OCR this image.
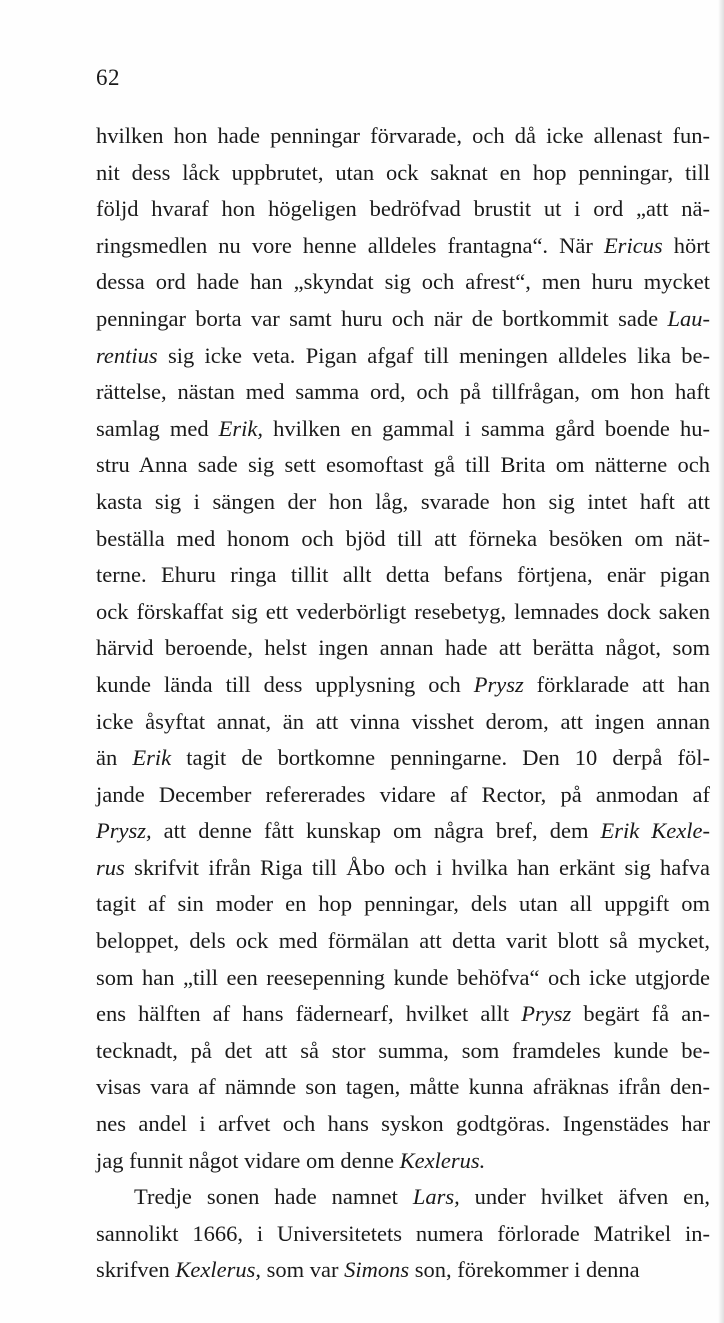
62
hvilken hon hade penningar förvarade, och då icke allenast fun-
nit dess låck uppbrutet, utan ock saknat en hop penningar, till
följd hvaraf hon högeligen bedröfvad brustit ut i ord „att nä-
ringsmedlen nu vore henne alldeles frantagna“. När Ericus hört
dessa ord hade han „skyndat sig och afrest“, men huru mycket
penningar borta var samt huru och när de bortkommit sade Lau-
rentius sig icke veta. Pigan afgaf till meningen alldeles lika be-
rättelse, nästan med samma ord, och på tillfrågan, om hon haft
samlag med Erik, hvilken en gammal i samma gård boende hu-
stru Anna sade sig sett esomoftast gå till Brita om nätterne och
kasta sig i sängen der hon låg, svarade hon sig intet haft att
beställa med honom och bjöd till att förneka besöken om nät-
terne. Ehuru ringa tillit allt detta befans förtjena, enär pigan
ock förskaffat sig ett vederbörligt resebetyg, lemnades dock saken
härvid beroende, helst ingen annan hade att berätta något, som
kunde lända till dess upplysning och Prysz förklarade att han
icke åsyftat annat, än att vinna visshet derom, att ingen annan
än Erik tagit de bortkomne penningarne. Den 10 derpå föl-
jande December refererades vidare af Rector, på anmodan af
Prysz, att denne fått kunskap om några bref, dem Erik Kexle-
rus skrifvit ifrån Riga till Åbo och i hvilka han erkänt sig hafva
tagit af sin moder en hop penningar, dels utan all uppgift om
beloppet, dels ock med förmälan att detta varit blott så mycket,
som han „till een reesepenning kunde behöfva“ och icke utgjorde
ens hälften af hans fädernearf, hvilket allt Prysz begärt få an-
tecknadt, på det att så stor summa, som framdeles kunde be-
visas vara af nämnde son tagen, måtte kunna afräknas ifrån den-
nes andel i arfvet och hans syskon godtgöras. Ingenstädes har
jag funnit något vidare om denne Kexlerus.
Tredje sonen hade namnet Lars, under hvilket äfven en,
sannolikt 1666, i Universitetets numera förlorade Matrikel in-
skrifven Kexlerus, som var Simons son, förekommer i denna
